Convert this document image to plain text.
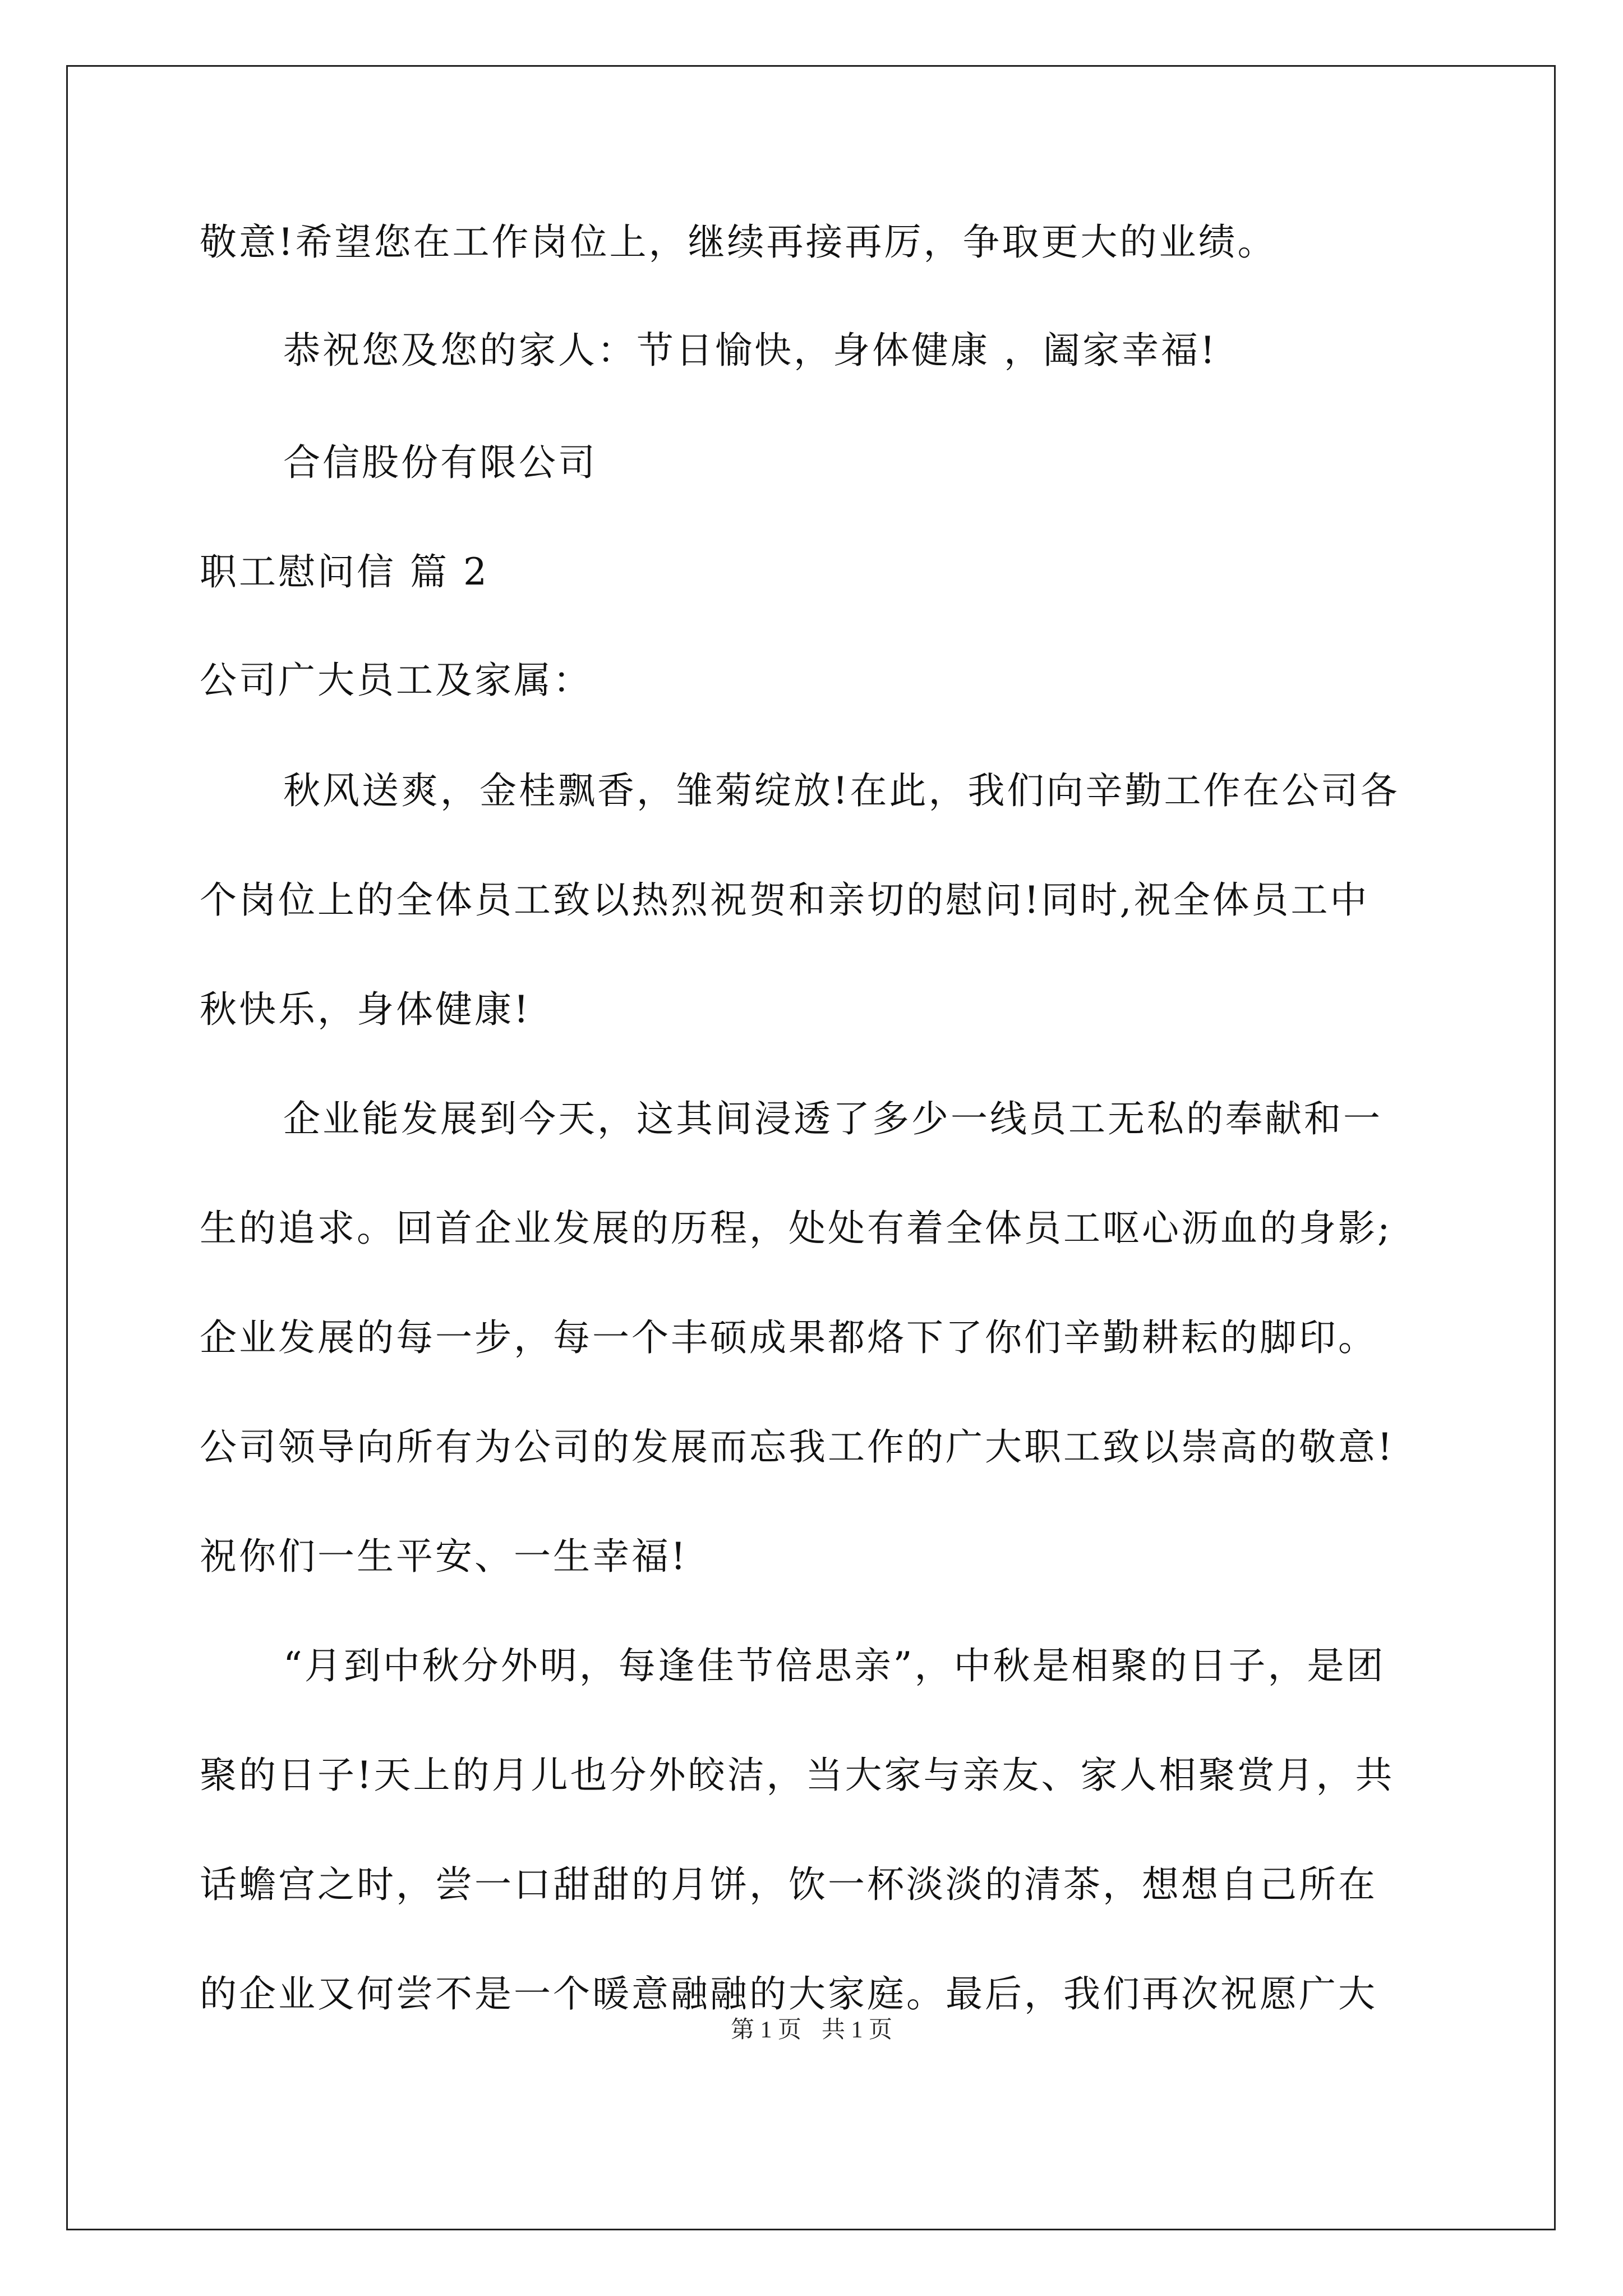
敬意!希望您在工作岗位上，继续再接再厉，争取更大的业绩。
恭祝您及您的家人：节日愉快，身体健康 ，阖家幸福!
合信股份有限公司
职工慰问信 篇 2
公司广大员工及家属：
秋风送爽，金桂飘香，雏菊绽放!在此，我们向辛勤工作在公司各
个岗位上的全体员工致以热烈祝贺和亲切的慰问!同时,祝全体员工中
秋快乐，身体健康!
企业能发展到今天，这其间浸透了多少一线员工无私的奉献和一
生的追求。回首企业发展的历程，处处有着全体员工呕心沥血的身影;
企业发展的每一步，每一个丰硕成果都烙下了你们辛勤耕耘的脚印。
公司领导向所有为公司的发展而忘我工作的广大职工致以崇高的敬意!
祝你们一生平安、一生幸福!
“月到中秋分外明，每逢佳节倍思亲”，中秋是相聚的日子，是团
聚的日子!天上的月儿也分外皎洁，当大家与亲友、家人相聚赏月，共
话蟾宫之时，尝一口甜甜的月饼，饮一杯淡淡的清茶，想想自己所在
的企业又何尝不是一个暖意融融的大家庭。最后，我们再次祝愿广大
第 1 页 共 1 页
